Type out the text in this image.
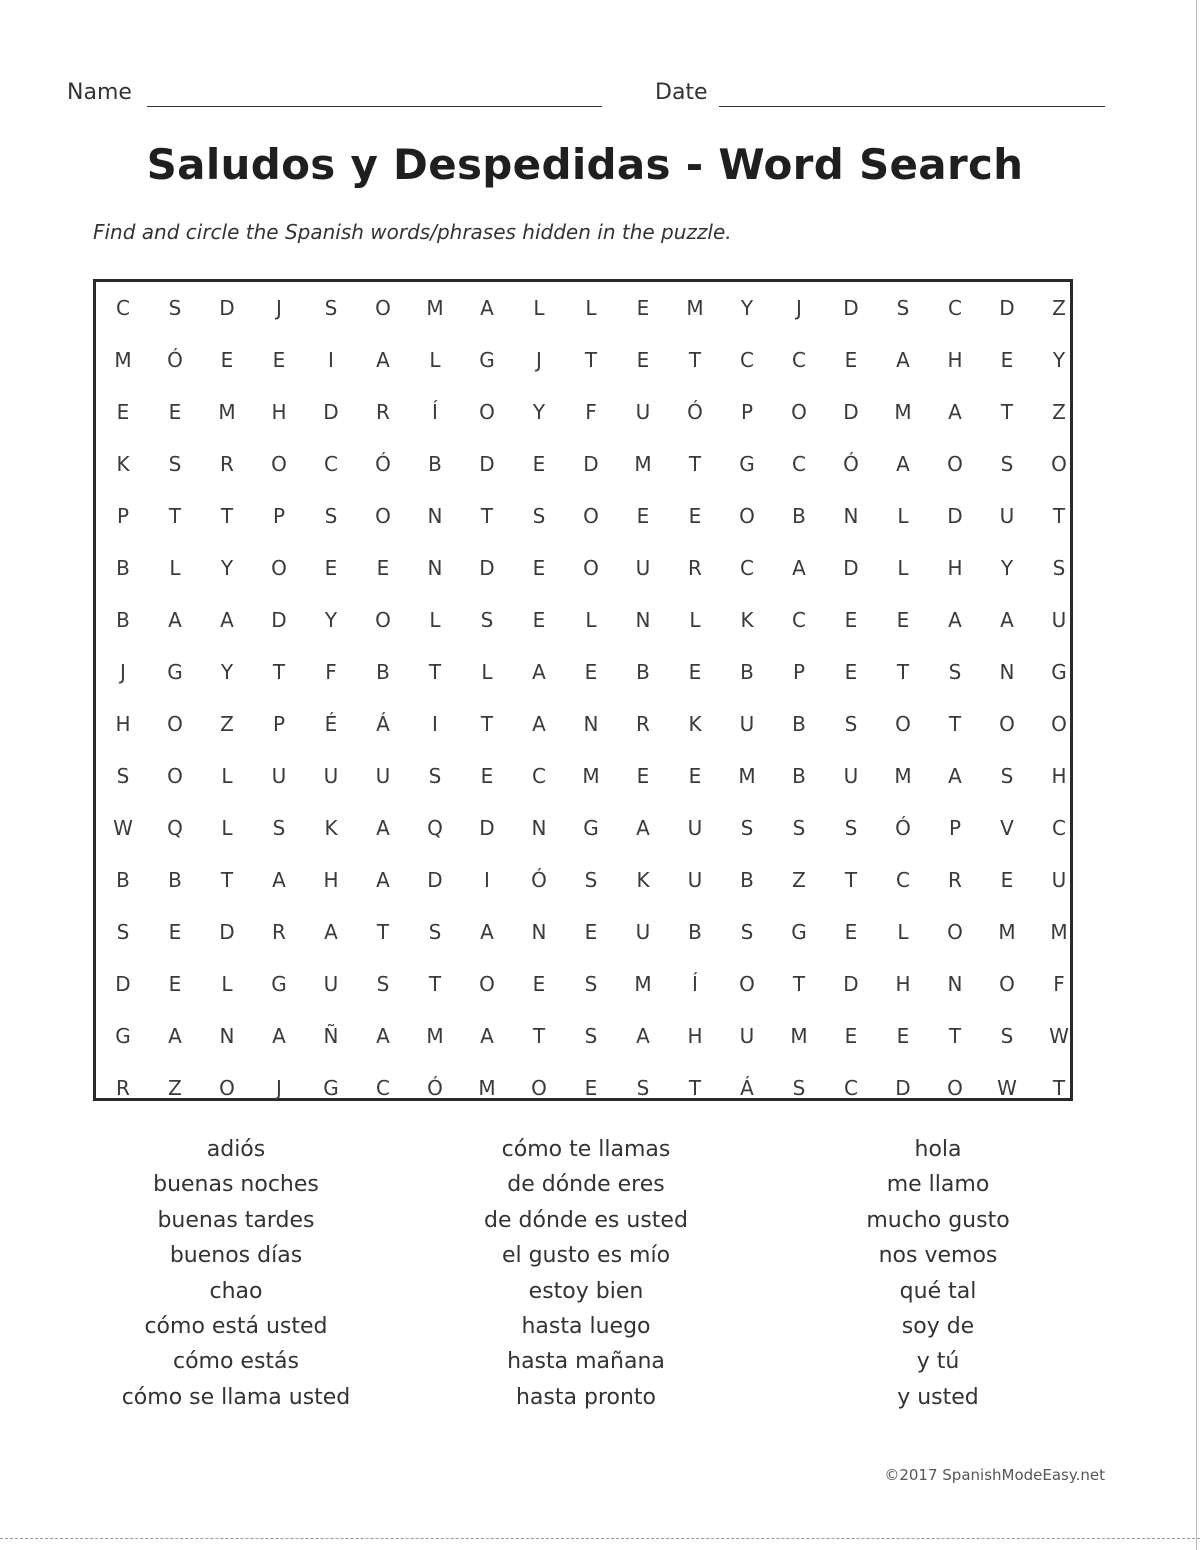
Name	Date
Saludos y Despedidas - Word Search
Find and circle the Spanish words/phrases hidden in the puzzle.
C	S	D	J	S	O	M	A	L	L	E	M	Y	J	D	S	C	D	Z
M	Ó	E	E	I	A	L	G	J	T	E	T	C	C	E	A	H	E	Y
E	E	M	H	D	R	Í	O	Y	F	U	Ó	P	O	D	M	A	T	Z
K	S	R	O	C	Ó	B	D	E	D	M	T	G	C	Ó	A	O	S	O
P	T	T	P	S	O	N	T	S	O	E	E	O	B	N	L	D	U	T
B	L	Y	O	E	E	N	D	E	O	U	R	C	A	D	L	H	Y	S
B	A	A	D	Y	O	L	S	E	L	N	L	K	C	E	E	A	A	U
J	G	Y	T	F	B	T	L	A	E	B	E	B	P	E	T	S	N	G
H	O	Z	P	É	Á	I	T	A	N	R	K	U	B	S	O	T	O	O
S	O	L	U	U	U	S	E	C	M	E	E	M	B	U	M	A	S	H
W	Q	L	S	K	A	Q	D	N	G	A	U	S	S	S	Ó	P	V	C
B	B	T	A	H	A	D	I	Ó	S	K	U	B	Z	T	C	R	E	U
S	E	D	R	A	T	S	A	N	E	U	B	S	G	E	L	O	M	M
D	E	L	G	U	S	T	O	E	S	M	Í	O	T	D	H	N	O	F
G	A	N	A	Ñ	A	M	A	T	S	A	H	U	M	E	E	T	S	W
R	Z	O	J	G	C	Ó	M	O	E	S	T	Á	S	C	D	O	W	T
adiós
buenas noches
buenas tardes
buenos días
chao
cómo está usted
cómo estás
cómo se llama usted
cómo te llamas
de dónde eres
de dónde es usted
el gusto es mío
estoy bien
hasta luego
hasta mañana
hasta pronto
hola
me llamo
mucho gusto
nos vemos
qué tal
soy de
y tú
y usted
©2017 SpanishModeEasy.net
